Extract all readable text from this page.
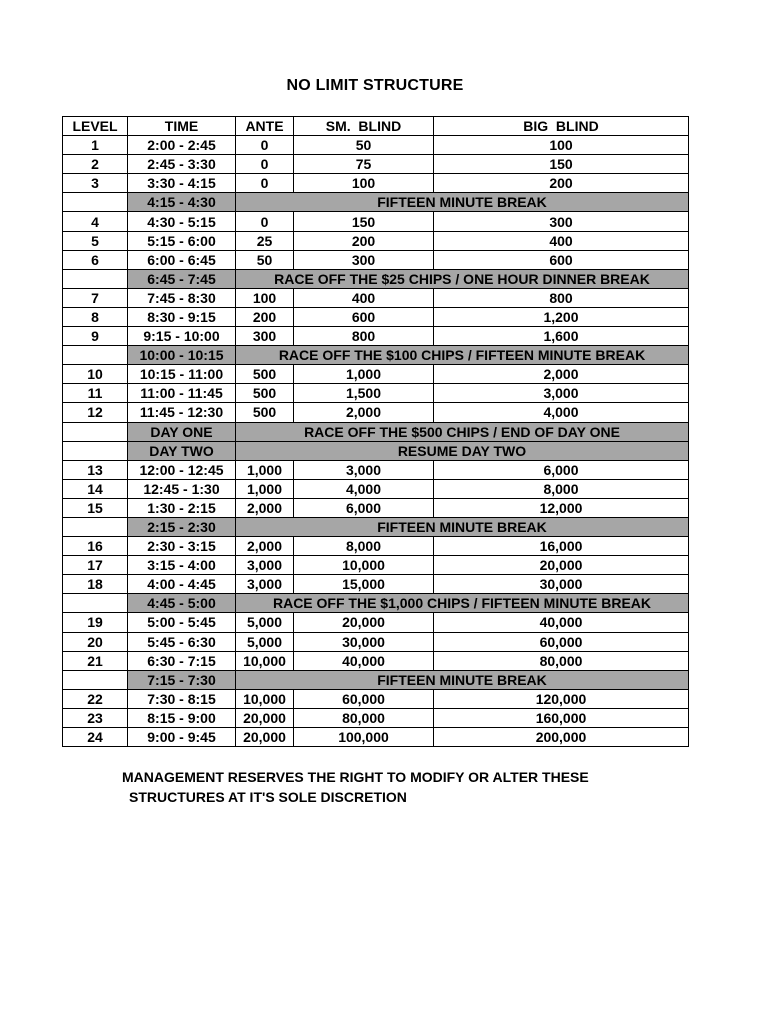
NO LIMIT STRUCTURE
LEVEL	TIME	ANTE	SM.  BLIND	BIG  BLIND
1	2:00 - 2:45	0	50	100
2	2:45 - 3:30	0	75	150
3	3:30 - 4:15	0	100	200
	4:15 - 4:30	FIFTEEN MINUTE BREAK		
4	4:30 - 5:15	0	150	300
5	5:15 - 6:00	25	200	400
6	6:00 - 6:45	50	300	600
	6:45 - 7:45	RACE OFF THE $25 CHIPS / ONE HOUR DINNER BREAK		
7	7:45 - 8:30	100	400	800
8	8:30 - 9:15	200	600	1,200
9	9:15 - 10:00	300	800	1,600
	10:00 - 10:15	RACE OFF THE $100 CHIPS / FIFTEEN MINUTE BREAK		
10	10:15 - 11:00	500	1,000	2,000
11	11:00 - 11:45	500	1,500	3,000
12	11:45 - 12:30	500	2,000	4,000
	DAY ONE	RACE OFF THE $500 CHIPS / END OF DAY ONE		
	DAY TWO	RESUME DAY TWO		
13	12:00 - 12:45	1,000	3,000	6,000
14	12:45 - 1:30	1,000	4,000	8,000
15	1:30 - 2:15	2,000	6,000	12,000
	2:15 - 2:30	FIFTEEN MINUTE BREAK		
16	2:30 - 3:15	2,000	8,000	16,000
17	3:15 - 4:00	3,000	10,000	20,000
18	4:00 - 4:45	3,000	15,000	30,000
	4:45 - 5:00	RACE OFF THE $1,000 CHIPS / FIFTEEN MINUTE BREAK		
19	5:00 - 5:45	5,000	20,000	40,000
20	5:45 - 6:30	5,000	30,000	60,000
21	6:30 - 7:15	10,000	40,000	80,000
	7:15 - 7:30	FIFTEEN MINUTE BREAK		
22	7:30 - 8:15	10,000	60,000	120,000
23	8:15 - 9:00	20,000	80,000	160,000
24	9:00 - 9:45	20,000	100,000	200,000
MANAGEMENT RESERVES THE RIGHT TO MODIFY OR ALTER THESE
STRUCTURES AT IT'S SOLE DISCRETION
